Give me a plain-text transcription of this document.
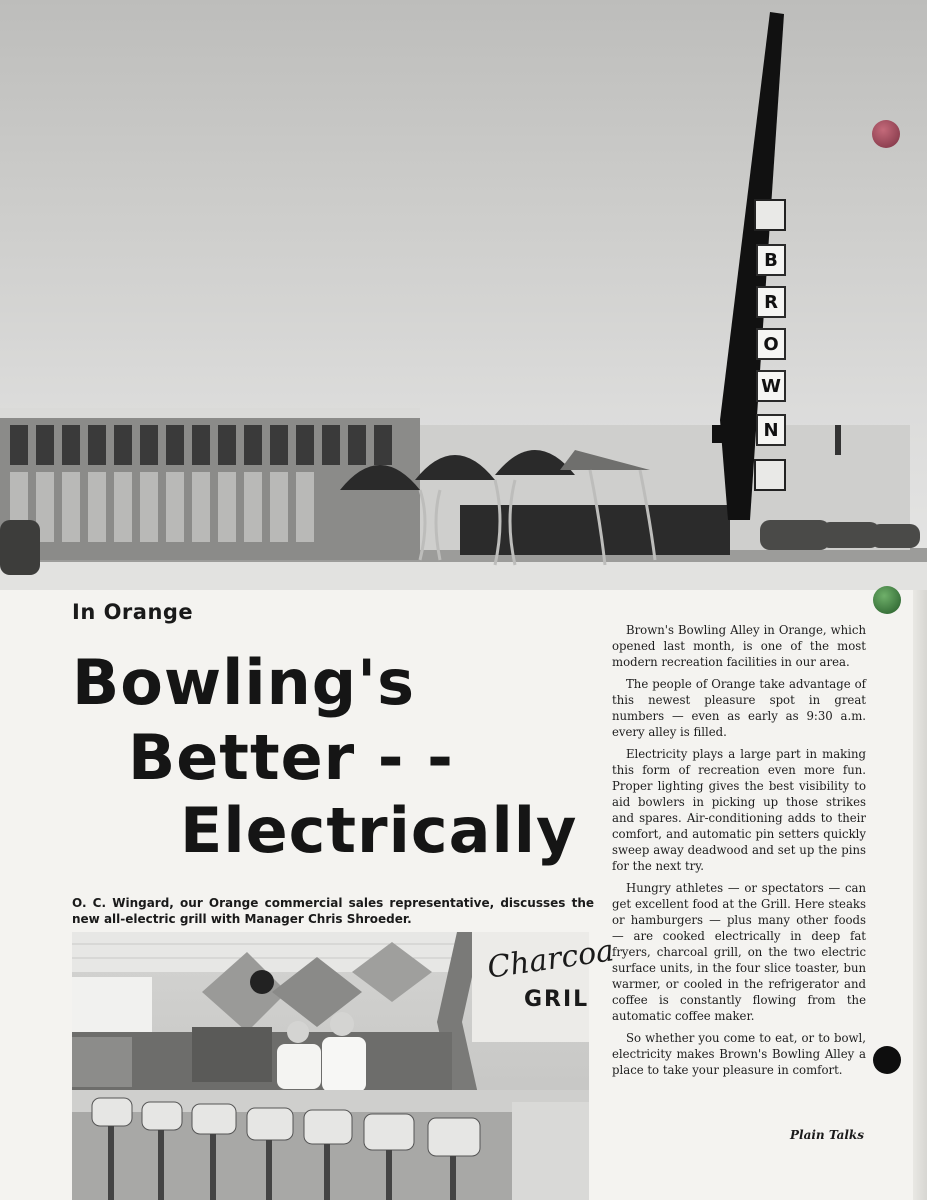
B
R
O
W
N
In Orange
Bowling's
Better - -
Electrically
O. C. Wingard, our Orange commercial sales representative, discusses the new all-electric grill with Manager Chris Shroeder.
Charcoa
GRIL

Brown's Bowling Alley in Orange, which opened last month, is one of the most modern recreation facilities in our area.

The people of Orange take advantage of this newest pleasure spot in great numbers — even as early as 9:30 a.m. every alley is filled.

Electricity plays a large part in making this form of recreation even more fun. Proper lighting gives the best visibility to aid bowlers in picking up those strikes and spares. Air-conditioning adds to their comfort, and automatic pin setters quickly sweep away deadwood and set up the pins for the next try.

Hungry athletes — or spectators — can get excellent food at the Grill. Here steaks or hamburgers — plus many other foods — are cooked electrically in deep fat fryers, charcoal grill, on the two electric surface units, in the four slice toaster, bun warmer, or cooled in the refrigerator and coffee is constantly flowing from the automatic coffee maker.

So whether you come to eat, or to bowl, electricity makes Brown's Bowling Alley a place to take your pleasure in comfort.

Plain Talks
